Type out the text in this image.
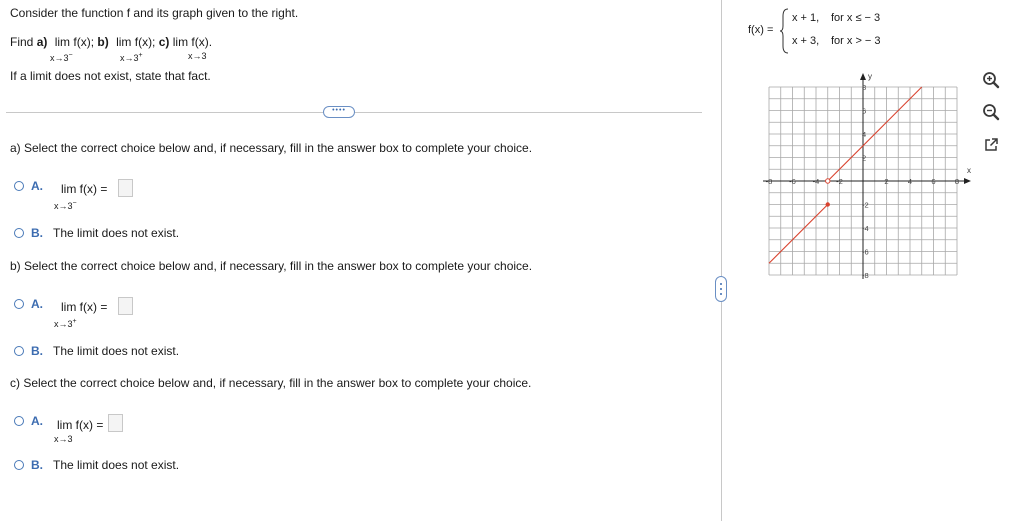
Consider the function f and its graph given to the right.
Find a) lim f(x); b) lim f(x); c) lim f(x).
x→3−	x→3+	x→3
If a limit does not exist, state that fact.
••••
a) Select the correct choice below and, if necessary, fill in the answer box to complete your choice.
A. lim f(x) =
x→3−
B. The limit does not exist.
b) Select the correct choice below and, if necessary, fill in the answer box to complete your choice.
A. lim f(x) =
x→3+
B. The limit does not exist.
c) Select the correct choice below and, if necessary, fill in the answer box to complete your choice.
A. lim f(x) =
x→3
B. The limit does not exist.
f(x) =
x + 1, for x ≤ − 3
x + 3, for x > − 3
-8 -6 -4 -2	2	4	6	8
8
6
4
2
-2
-4
-6
-8
x
y
